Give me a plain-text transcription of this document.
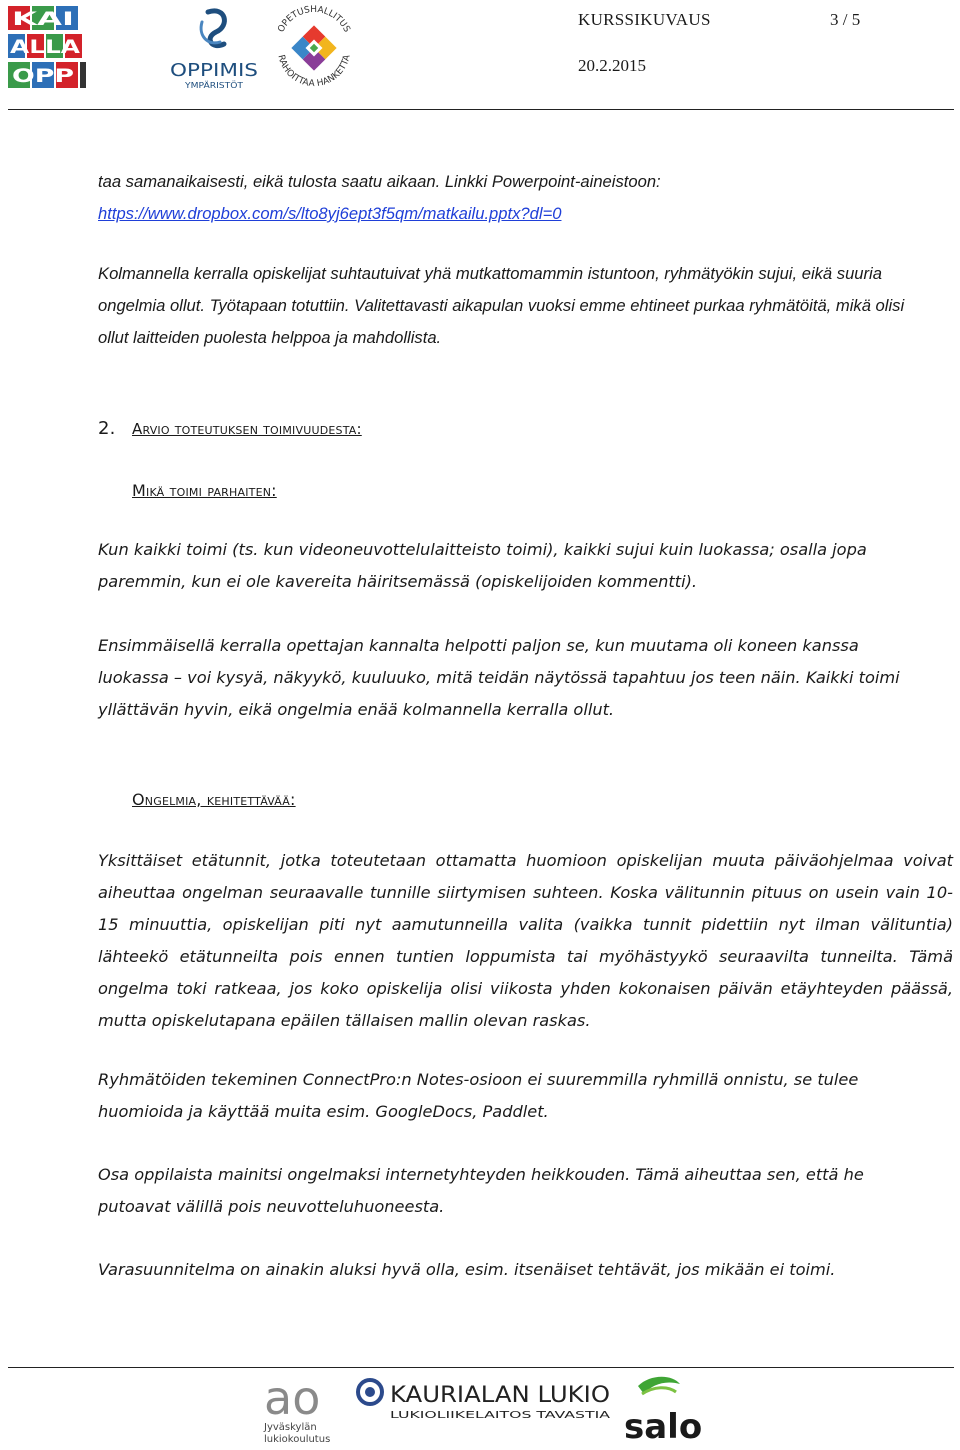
KAI
ALLA
OPP	OPPIMIS
YMPÄRISTÖT
OPETUSHALLITUS
RAHOITTAA HANKETTA
KURSSIKUVAUS	3 / 5
20.2.2015
taa samanaikaisesti, eikä tulosta saatu aikaan. Linkki Powerpoint-aineistoon:
https://www.dropbox.com/s/lto8yj6ept3f5qm/matkailu.pptx?dl=0
Kolmannella kerralla opiskelijat suhtautuivat yhä mutkattomammin istuntoon, ryhmätyökin sujui, eikä suuria ongelmia ollut. Työtapaan totuttiin. Valitettavasti aikapulan vuoksi emme ehtineet purkaa ryhmätöitä, mikä olisi ollut laitteiden puolesta helppoa ja mahdollista.
2. Arvio toteutuksen toimivuudesta:
Mikä toimi parhaiten:
Kun kaikki toimi (ts. kun videoneuvottelulaitteisto toimi), kaikki sujui kuin luokassa; osalla jopa paremmin, kun ei ole kavereita häiritsemässä (opiskelijoiden kommentti).
Ensimmäisellä kerralla opettajan kannalta helpotti paljon se, kun muutama oli koneen kanssa luokassa – voi kysyä, näkyykö, kuuluuko, mitä teidän näytössä tapahtuu jos teen näin. Kaikki toimi yllättävän hyvin, eikä ongelmia enää kolmannella kerralla ollut.
Ongelmia, kehitettävää:
Yksittäiset etätunnit, jotka toteutetaan ottamatta huomioon opiskelijan muuta päiväohjelmaa voivat aiheuttaa ongelman seuraavalle tunnille siirtymisen suhteen. Koska välitunnin pituus on usein vain 10-15 minuuttia, opiskelijan piti nyt aamutunneilla valita (vaikka tunnit pidettiin nyt ilman välituntia) lähteekö etätunneilta pois ennen tuntien loppumista tai myöhästyykö seuraavilta tunneilta. Tämä ongelma toki ratkeaa, jos koko opiskelija olisi viikosta yhden kokonaisen päivän etäyhteyden päässä, mutta opiskelutapana epäilen tällaisen mallin olevan raskas.
Ryhmätöiden tekeminen ConnectPro:n Notes-osioon ei suuremmilla ryhmillä onnistu, se tulee huomioida ja käyttää muita esim. GoogleDocs, Paddlet.
Osa oppilaista mainitsi ongelmaksi internetyhteyden heikkouden. Tämä aiheuttaa sen, että he putoavat välillä pois neuvotteluhuoneesta.
Varasuunnitelma on ainakin aluksi hyvä olla, esim. itsenäiset tehtävät, jos mikään ei toimi.
ao
Jyväskylän
lukiokoulutus
KAURIALAN LUKIO
LUKIOLIIKELAITOS TAVASTIA salo
